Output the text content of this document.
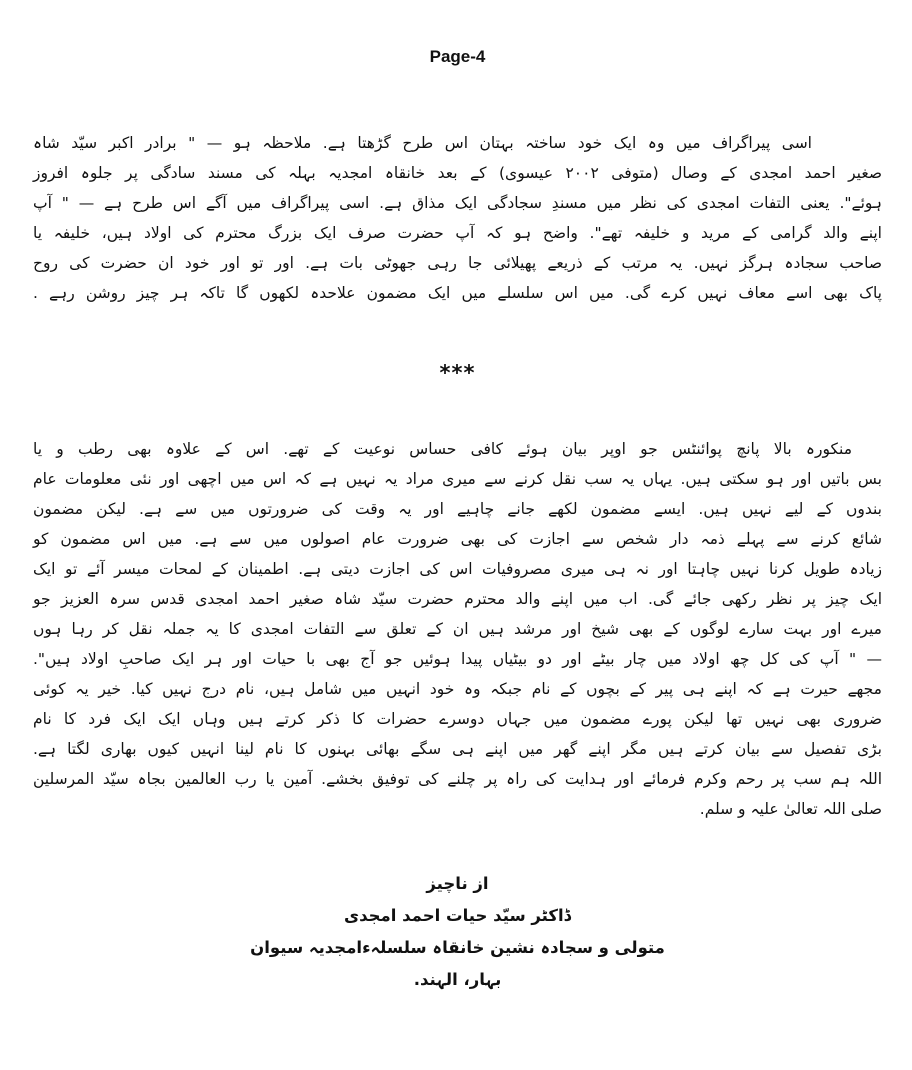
Page-4
اسی پیراگراف میں وہ ایک خود ساختہ بہتان اس طرح گڑھتا ہے. ملاحظہ ہو — " برادر اکبر سیّد شاہ
صغیر احمد امجدی کے وصال (متوفی ۲۰۰۲ عیسوی) کے بعد خانقاہ امجدیہ بہلہ کی مسند سادگی پر جلوہ افروز
ہوئے". یعنی التفات امجدی کی نظر میں مسندِ سجادگی ایک مذاق ہے. اسی پیراگراف میں آگے اس طرح ہے — " آپ
اپنے والد گرامی کے مرید و خلیفہ تھے". واضح ہو کہ آپ حضرت صرف ایک بزرگ محترم کی اولاد ہیں، خلیفہ یا
صاحب سجادہ ہرگز نہیں. یہ مرتب کے ذریعے پھیلائی جا رہی جھوٹی بات ہے. اور تو اور خود ان حضرت کی روح
پاک بھی اسے معاف نہیں کرے گی. میں اس سلسلے میں ایک مضمون علاحدہ لکھوں گا تاکہ ہر چیز روشن رہے .
***
منکورہ بالا پانچ پوائنٹس جو اوپر بیان ہوئے کافی حساس نوعیت کے تھے. اس کے علاوہ بھی رطب و یا
بس باتیں اور ہو سکتی ہیں. یہاں یہ سب نقل کرنے سے میری مراد یہ نہیں ہے کہ اس میں اچھی اور نئی معلومات عام
بندوں کے لیے نہیں ہیں. ایسے مضمون لکھے جانے چاہیے اور یہ وقت کی ضرورتوں میں سے ہے. لیکن مضمون
شائع کرنے سے پہلے ذمہ دار شخص سے اجازت کی بھی ضرورت عام اصولوں میں سے ہے. میں اس مضمون کو
زیادہ طویل کرنا نہیں چاہتا اور نہ ہی میری مصروفیات اس کی اجازت دیتی ہے. اطمینان کے لمحات میسر آئے تو ایک
ایک چیز پر نظر رکھی جائے گی. اب میں اپنے والد محترم حضرت سیّد شاہ صغیر احمد امجدی قدس سرہ العزیز جو
میرے اور بہت سارے لوگوں کے بھی شیخ اور مرشد ہیں ان کے تعلق سے التفات امجدی کا یہ جملہ نقل کر رہا ہوں
— " آپ کی کل چھ اولاد میں چار بیٹے اور دو بیٹیاں پیدا ہوئیں جو آج بھی با حیات اور ہر ایک صاحبِ اولاد ہیں".
مجھے حیرت ہے کہ اپنے ہی پیر کے بچوں کے نام جبکہ وہ خود انہیں میں شامل ہیں، نام درج نہیں کیا. خیر یہ کوئی
ضروری بھی نہیں تھا لیکن پورے مضمون میں جہاں دوسرے حضرات کا ذکر کرتے ہیں وہاں ایک ایک فرد کا نام
بڑی تفصیل سے بیان کرتے ہیں مگر اپنے گھر میں اپنے ہی سگے بھائی بہنوں کا نام لینا انہیں کیوں بھاری لگتا ہے.
اللہ ہم سب پر رحم وکرم فرمائے اور ہدایت کی راہ پر چلنے کی توفیق بخشے. آمین یا رب العالمین بجاہ سیّد المرسلین
صلی اللہ تعالیٰ علیہ و سلم.
از ناچیز
ڈاکٹر سیّد حیات احمد امجدی
متولی و سجادہ نشین خانقاہ سلسلہءامجدیہ سیوان
بہار، الہند.
